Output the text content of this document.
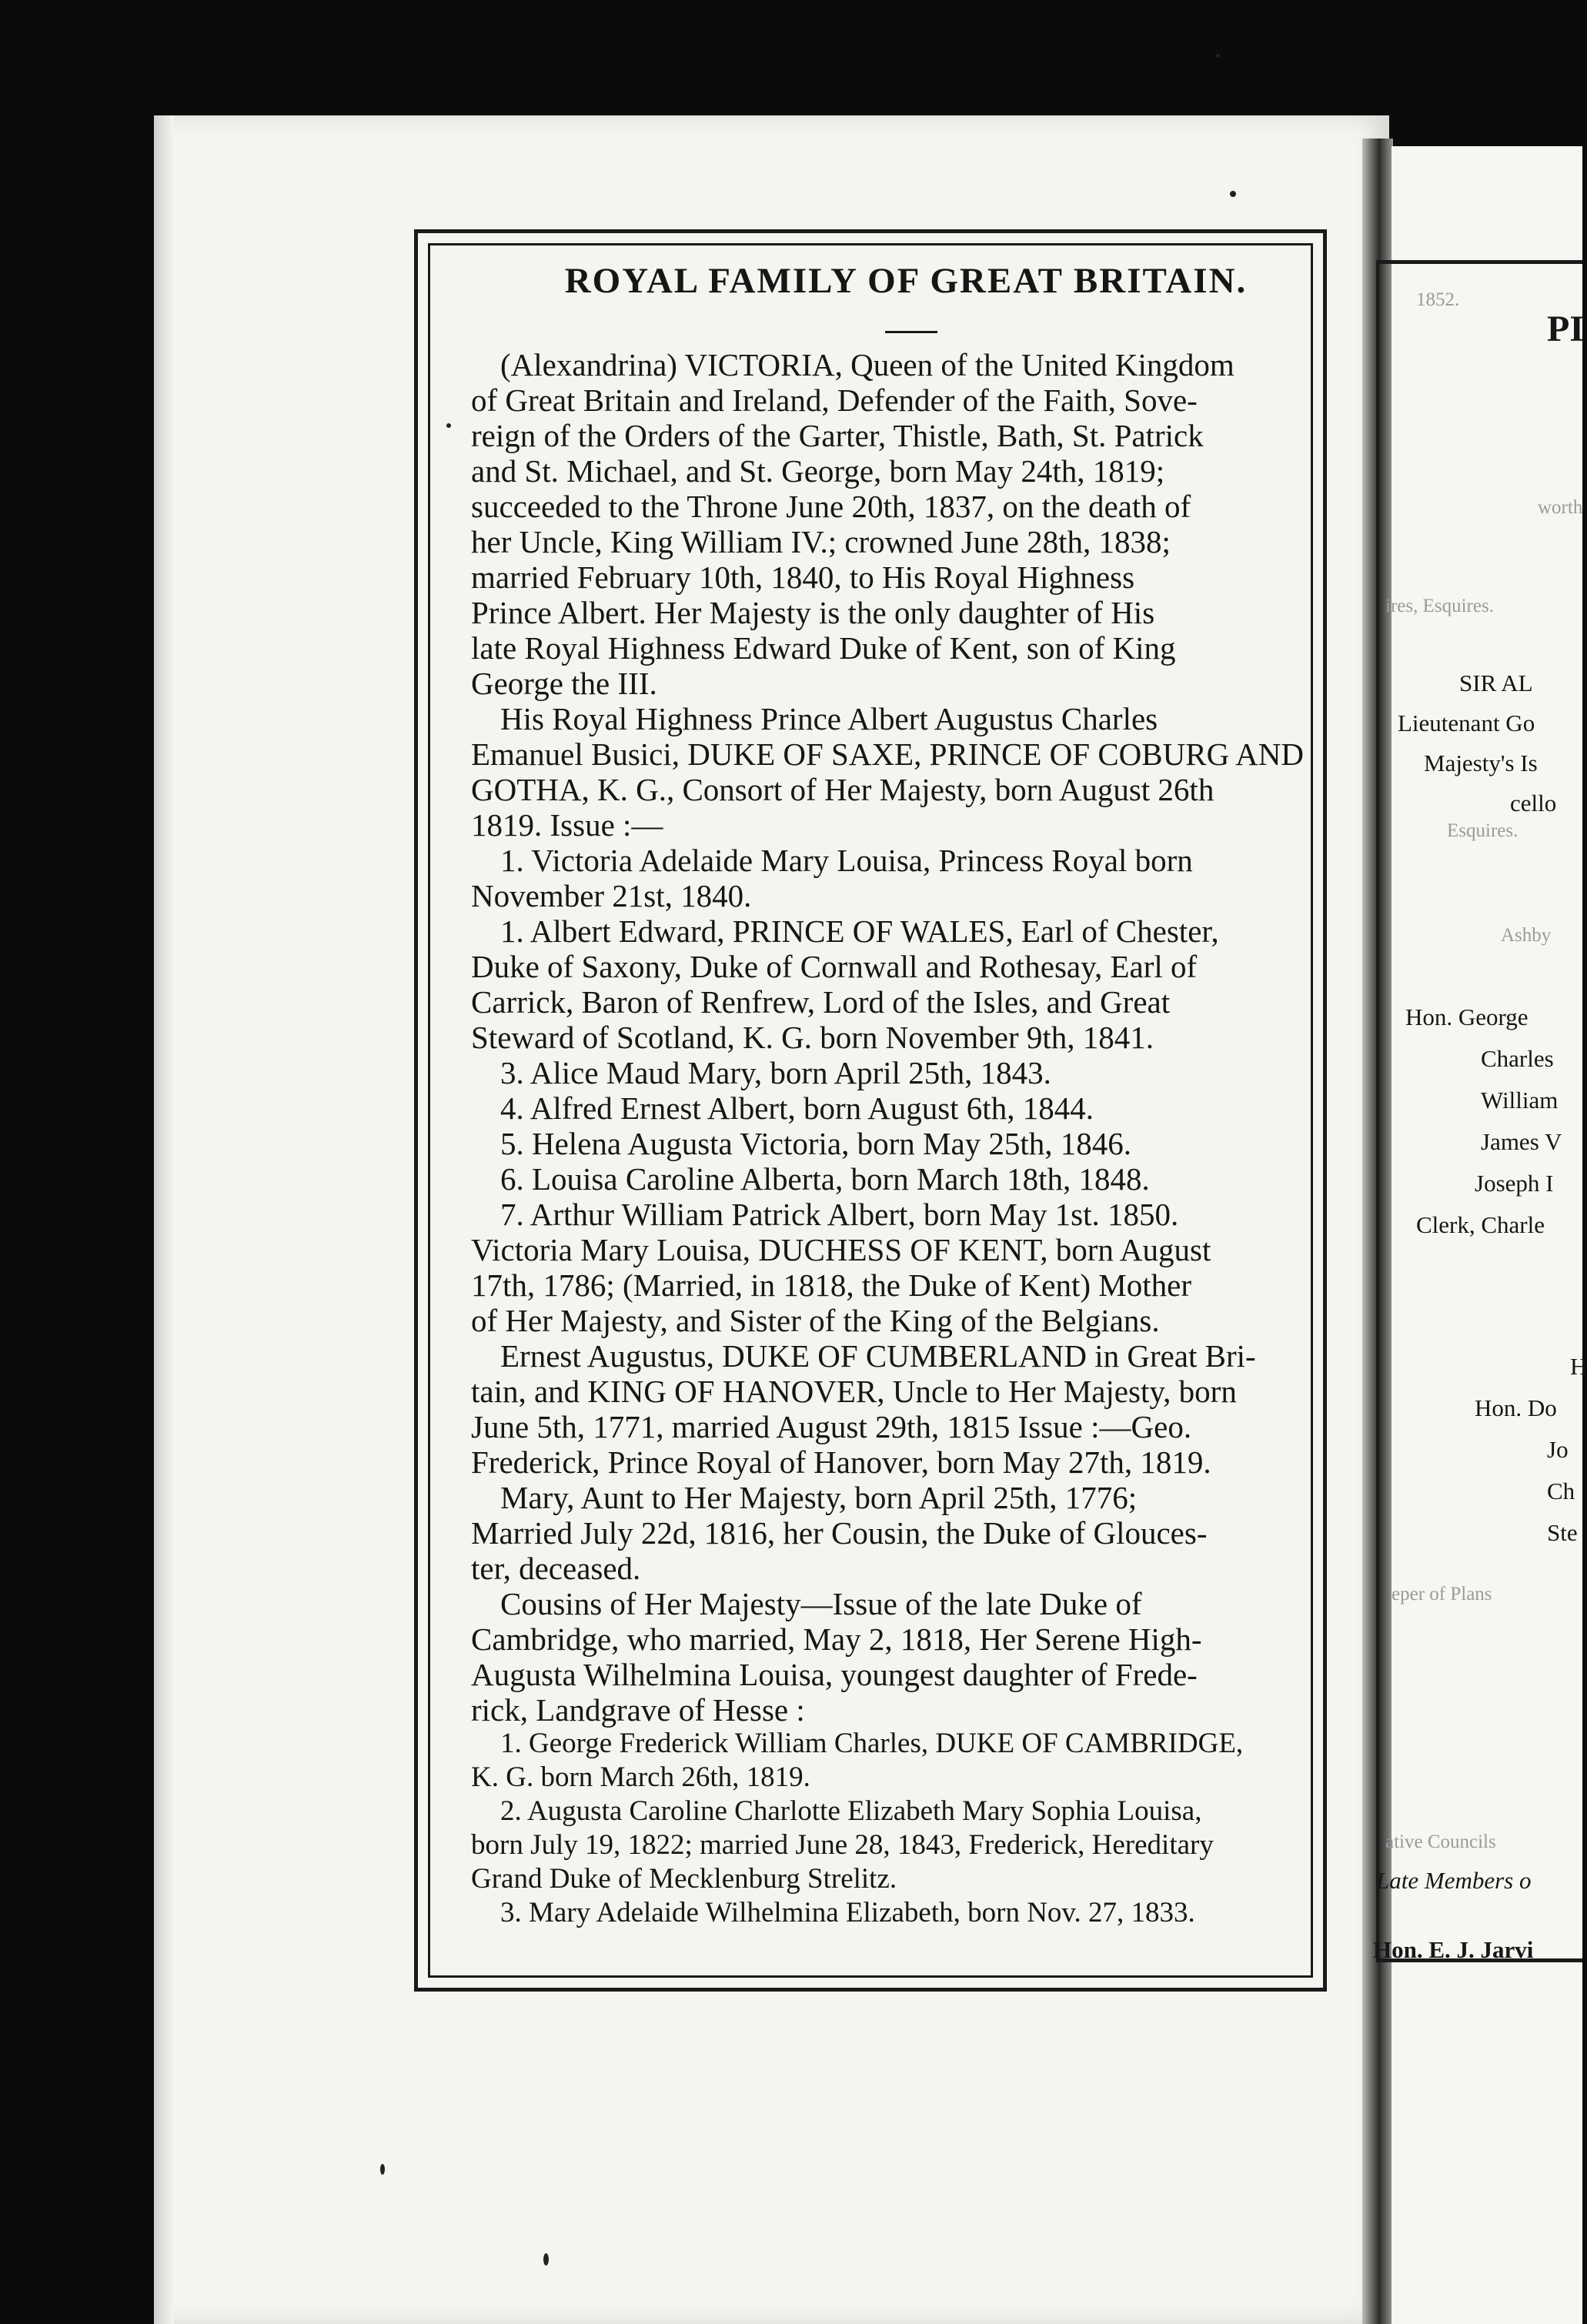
ROYAL FAMILY OF GREAT BRITAIN.
(Alexandrina) VICTORIA, Queen of the United Kingdom
of Great Britain and Ireland, Defender of the Faith, Sove-
reign of the Orders of the Garter, Thistle, Bath, St. Patrick
and St. Michael, and St. George, born May 24th, 1819;
succeeded to the Throne June 20th, 1837, on the death of
her Uncle, King William IV.; crowned June 28th, 1838;
married February 10th, 1840, to His Royal Highness
Prince Albert. Her Majesty is the only daughter of His
late Royal Highness Edward Duke of Kent, son of King
George the III.
His Royal Highness Prince Albert Augustus Charles
Emanuel Busici, DUKE OF SAXE, PRINCE OF COBURG AND
GOTHA, K. G., Consort of Her Majesty, born August 26th
1819. Issue :—
1. Victoria Adelaide Mary Louisa, Princess Royal born
November 21st, 1840.
1. Albert Edward, PRINCE OF WALES, Earl of Chester,
Duke of Saxony, Duke of Cornwall and Rothesay, Earl of
Carrick, Baron of Renfrew, Lord of the Isles, and Great
Steward of Scotland, K. G. born November 9th, 1841.
3. Alice Maud Mary, born April 25th, 1843.
4. Alfred Ernest Albert, born August 6th, 1844.
5. Helena Augusta Victoria, born May 25th, 1846.
6. Louisa Caroline Alberta, born March 18th, 1848.
7. Arthur William Patrick Albert, born May 1st. 1850.
Victoria Mary Louisa, DUCHESS OF KENT, born August
17th, 1786; (Married, in 1818, the Duke of Kent) Mother
of Her Majesty, and Sister of the King of the Belgians.
Ernest Augustus, DUKE OF CUMBERLAND in Great Bri-
tain, and KING OF HANOVER, Uncle to Her Majesty, born
June 5th, 1771, married August 29th, 1815 Issue :—Geo.
Frederick, Prince Royal of Hanover, born May 27th, 1819.
Mary, Aunt to Her Majesty, born April 25th, 1776;
Married July 22d, 1816, her Cousin, the Duke of Glouces-
ter, deceased.
Cousins of Her Majesty—Issue of the late Duke of
Cambridge, who married, May 2, 1818, Her Serene High-
Augusta Wilhelmina Louisa, youngest daughter of Frede-
rick, Landgrave of Hesse :
1. George Frederick William Charles, DUKE OF CAMBRIDGE,
K. G. born March 26th, 1819.
2. Augusta Caroline Charlotte Elizabeth Mary Sophia Louisa,
born July 19, 1822; married June 28, 1843, Frederick, Hereditary
Grand Duke of Mecklenburg Strelitz.
3. Mary Adelaide Wilhelmina Elizabeth, born Nov. 27, 1833.
PI
1852.
worth
ires, Esquires.
Esquires.
Ashby
eper of Plans
SIR AL
Lieutenant Go
Majesty's Is
cello
Hon. George
Charles
William
James V
Joseph I
Clerk, Charle
H
Hon. Do
Jo
Ch
Ste
ative Councils
Late Members o
Hon. E. J. Jarvi
